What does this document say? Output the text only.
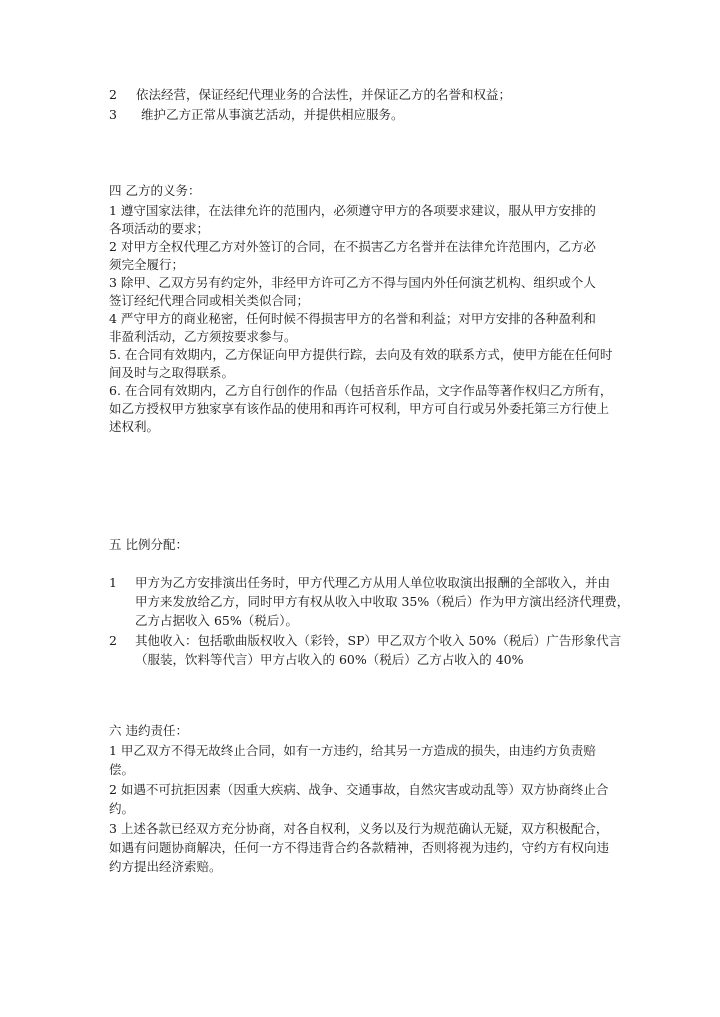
2 依法经营，保证经纪代理业务的合法性，并保证乙方的名誉和权益；
3 维护乙方正常从事演艺活动，并提供相应服务。
四 乙方的义务：
1 遵守国家法律，在法律允许的范围内，必须遵守甲方的各项要求建议，服从甲方安排的
各项活动的要求；
2 对甲方全权代理乙方对外签订的合同，在不损害乙方名誉并在法律允许范围内，乙方必
须完全履行；
3 除甲、乙双方另有约定外，非经甲方许可乙方不得与国内外任何演艺机构、组织或个人
签订经纪代理合同或相关类似合同；
4 严守甲方的商业秘密，任何时候不得损害甲方的名誉和利益；对甲方安排的各种盈利和
非盈利活动，乙方须按要求参与。
5. 在合同有效期内，乙方保证向甲方提供行踪，去向及有效的联系方式，使甲方能在任何时
间及时与之取得联系。
6. 在合同有效期内，乙方自行创作的作品（包括音乐作品，文字作品等著作权归乙方所有，
如乙方授权甲方独家享有该作品的使用和再许可权利，甲方可自行或另外委托第三方行使上
述权利。
五 比例分配：
1 甲方为乙方安排演出任务时，甲方代理乙方从用人单位收取演出报酬的全部收入，并由
甲方来发放给乙方，同时甲方有权从收入中收取 35%（税后）作为甲方演出经济代理费，
乙方占据收入 65%（税后）。
2 其他收入：包括歌曲版权收入（彩铃，SP）甲乙双方个收入 50%（税后）广告形象代言
（服装，饮料等代言）甲方占收入的 60%（税后）乙方占收入的 40%
六 违约责任：
1 甲乙双方不得无故终止合同，如有一方违约，给其另一方造成的损失，由违约方负责赔
偿。
2 如遇不可抗拒因素（因重大疾病、战争、交通事故，自然灾害或动乱等）双方协商终止合
约。
3 上述各款已经双方充分协商，对各自权利，义务以及行为规范确认无疑，双方积极配合，
如遇有问题协商解决，任何一方不得违背合约各款精神，否则将视为违约，守约方有权向违
约方提出经济索赔。
